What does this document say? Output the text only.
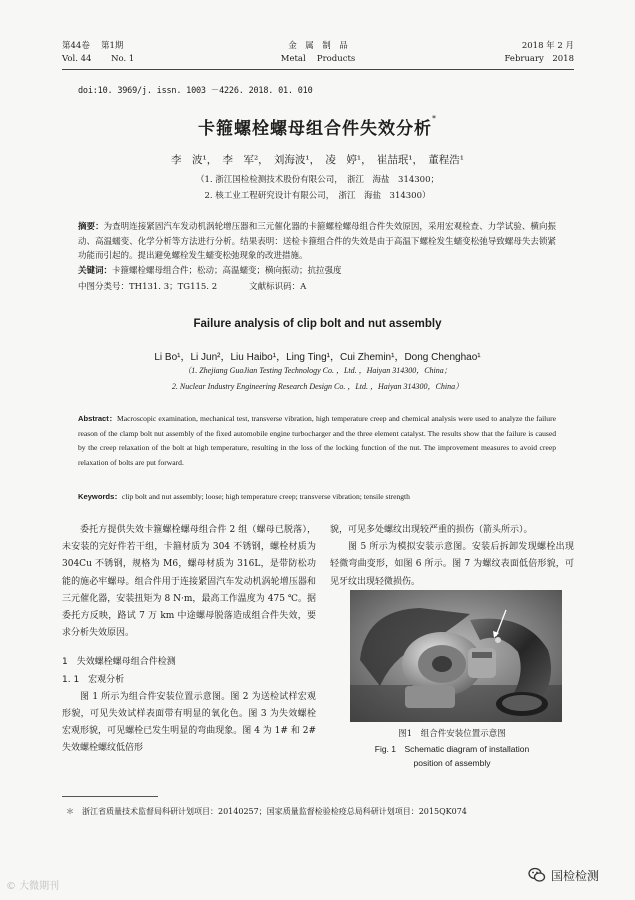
第44卷　 第1期
Vol. 44　　 No. 1
金　属　制　品
Metal　 Products
2018 年 2 月
February　2018
doi:10. 3969/j. issn. 1003 －4226. 2018. 01. 010
卡箍螺栓螺母组合件失效分析*
李　波¹，　李　军²，　刘海波¹，　凌　婷¹，　崔喆珉¹，　董程浩¹
（1. 浙江国检检测技术股份有限公司，　浙江　海盐　314300；
2. 核工业工程研究设计有限公司，　浙江　海盐　314300）
摘要：为查明连接紧固汽车发动机涡轮增压器和三元催化器的卡箍螺栓螺母组合件失效原因，采用宏观检查、力学试验、横向振动、高温蠕变、化学分析等方法进行分析。结果表明：送检卡箍组合件的失效是由于高温下螺栓发生蠕变松弛导致螺母失去锁紧功能而引起的。提出避免螺栓发生蠕变松弛现象的改进措施。
关键词：卡箍螺栓螺母组合件；松动；高温蠕变；横向振动；抗拉强度
中图分类号：TH131. 3；TG115. 2	文献标识码：A
Failure analysis of clip bolt and nut assembly
Li Bo¹，Li Jun²，Liu Haibo¹，Ling Ting¹，Cui Zhemin¹，Dong Chenghao¹
（1. Zhejiang GuoJian Testing Technology Co. ，Ltd. ，Haiyan 314300，China；
2. Nuclear Industry Engineering Research Design Co. ，Ltd. ，Haiyan 314300，China）
Abstract：Macroscopic examination, mechanical test, transverse vibration, high temperature creep and chemical analysis were used to analyze the failure reason of the clamp bolt nut assembly of the fixed automobile engine turbocharger and the three element catalyst. The results show that the failure is caused by the creep relaxation of the bolt at high temperature, resulting in the loss of the locking function of the nut. The improvement measures to avoid creep relaxation of bolts are put forward.
Keywords：clip bolt and nut assembly; loose; high temperature creep; transverse vibration; tensile strength

委托方提供失效卡箍螺栓螺母组合件 2 组（螺母已脱落），未安装的完好件若干组，卡箍材质为 304 不锈钢，螺栓材质为 304Cu 不锈钢，规格为 M6，螺母材质为 316L，是带防松功能的施必牢螺母。组合件用于连接紧固汽车发动机涡轮增压器和三元催化器，安装扭矩为 8 N·m，最高工作温度为 475 ℃。据委托方反映，路试 7 万 km 中途螺母脱落造成组合件失效，要求分析失效原因。

1　失效螺栓螺母组合件检测

1. 1　宏观分析

图 1 所示为组合件安装位置示意图。图 2 为送检试样宏观形貌，可见失效试样表面带有明显的氧化色。图 3 为失效螺栓宏观形貌，可见螺栓已发生明显的弯曲现象。图 4 为 1# 和 2# 失效螺栓螺纹低倍形

貌，可见多处螺纹出现较严重的损伤（箭头所示）。

图 5 所示为模拟安装示意图。安装后拆卸发现螺栓出现轻微弯曲变形，如图 6 所示。图 7 为螺纹表面低倍形貌，可见牙纹出现轻微损伤。

图1　组合件安装位置示意图
Fig. 1　Schematic diagram of installation
position of assembly
＊　浙江省质量技术监督局科研计划项目：20140257；国家质量监督检验检疫总局科研计划项目：2015QK074
© 大微期刊
国检检测
